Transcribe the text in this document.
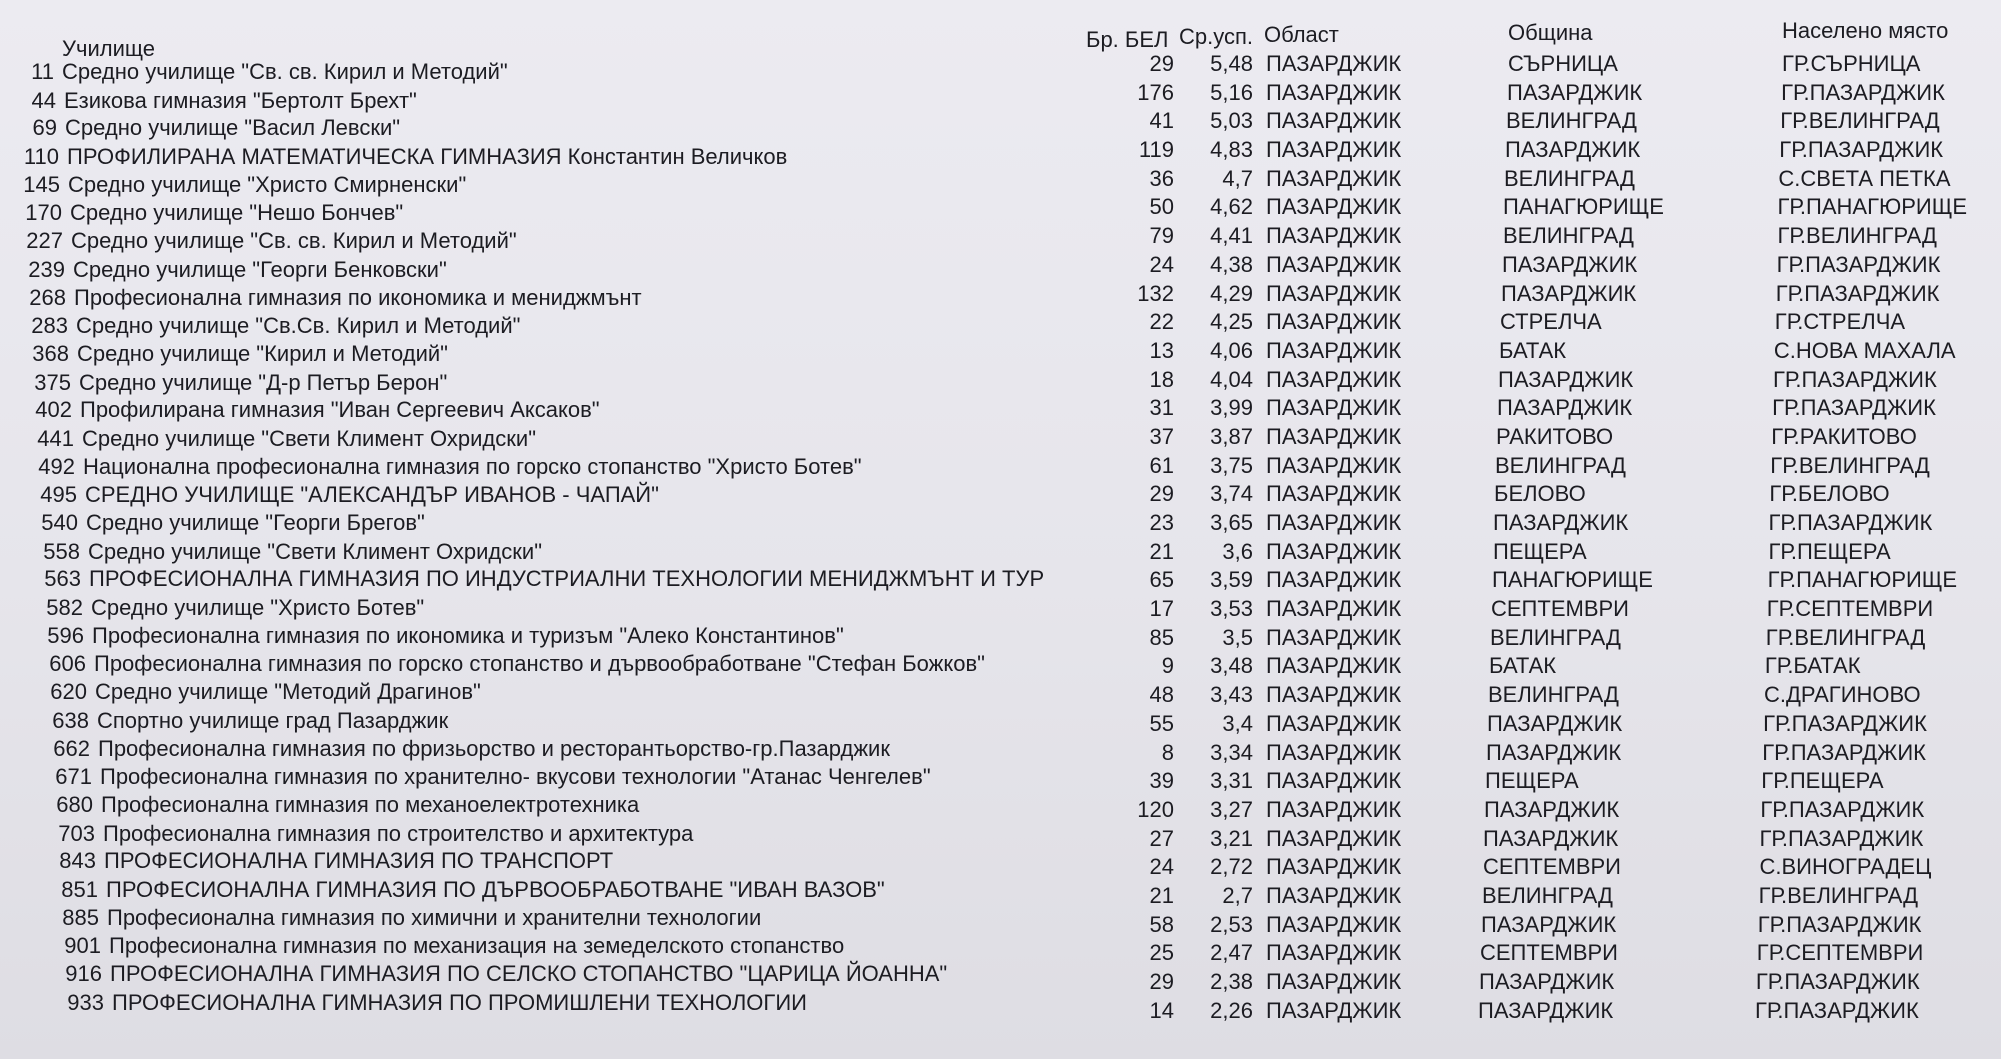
Училище	Бр. БЕЛ Ср.усп. Област	Община	Населено място
11 Средно училище "Св. св. Кирил и Методий"	29	5,48 ПАЗАРДЖИК	СЪРНИЦА	ГР.СЪРНИЦА
44 Езикова гимназия "Бертолт Брехт"	176	5,16 ПАЗАРДЖИК	ПАЗАРДЖИК	ГР.ПАЗАРДЖИК
69 Средно училище "Васил Левски"	41	5,03 ПАЗАРДЖИК	ВЕЛИНГРАД	ГР.ВЕЛИНГРАД
110 ПРОФИЛИРАНА МАТЕМАТИЧЕСКА ГИМНАЗИЯ Константин Величков	119	4,83 ПАЗАРДЖИК	ПАЗАРДЖИК	ГР.ПАЗАРДЖИК
145 Средно училище "Христо Смирненски"	36	4,7 ПАЗАРДЖИК	ВЕЛИНГРАД	С.СВЕТА ПЕТКА
170 Средно училище "Нешо Бончев"	50	4,62 ПАЗАРДЖИК	ПАНАГЮРИЩЕ	ГР.ПАНАГЮРИЩЕ
227 Средно училище "Св. св. Кирил и Методий"	79	4,41 ПАЗАРДЖИК	ВЕЛИНГРАД	ГР.ВЕЛИНГРАД
239 Средно училище "Георги Бенковски"	24	4,38 ПАЗАРДЖИК	ПАЗАРДЖИК	ГР.ПАЗАРДЖИК
268 Професионална гимназия по икономика и мениджмънт	132	4,29 ПАЗАРДЖИК	ПАЗАРДЖИК	ГР.ПАЗАРДЖИК
283 Средно училище "Св.Св. Кирил и Методий"	22	4,25 ПАЗАРДЖИК	СТРЕЛЧА	ГР.СТРЕЛЧА
368 Средно училище "Кирил и Методий"	13	4,06 ПАЗАРДЖИК	БАТАК	С.НОВА МАХАЛА
375 Средно училище "Д-р Петър Берон"	18	4,04 ПАЗАРДЖИК	ПАЗАРДЖИК	ГР.ПАЗАРДЖИК
402 Профилирана гимназия "Иван Сергеевич Аксаков"	31	3,99 ПАЗАРДЖИК	ПАЗАРДЖИК	ГР.ПАЗАРДЖИК
441 Средно училище "Свети Климент Охридски"	37	3,87 ПАЗАРДЖИК	РАКИТОВО	ГР.РАКИТОВО
492 Национална професионална гимназия по горско стопанство "Христо Ботев"	61	3,75 ПАЗАРДЖИК	ВЕЛИНГРАД	ГР.ВЕЛИНГРАД
495 СРЕДНО УЧИЛИЩЕ "АЛЕКСАНДЪР ИВАНОВ - ЧАПАЙ"	29	3,74 ПАЗАРДЖИК	БЕЛОВО	ГР.БЕЛОВО
540 Средно училище "Георги Брегов"	23	3,65 ПАЗАРДЖИК	ПАЗАРДЖИК	ГР.ПАЗАРДЖИК
558 Средно училище "Свети Климент Охридски"	21	3,6 ПАЗАРДЖИК	ПЕЩЕРА	ГР.ПЕЩЕРА
563 ПРОФЕСИОНАЛНА ГИМНАЗИЯ ПО ИНДУСТРИАЛНИ ТЕХНОЛОГИИ МЕНИДЖМЪНТ И ТУР	65	3,59 ПАЗАРДЖИК	ПАНАГЮРИЩЕ	ГР.ПАНАГЮРИЩЕ
582 Средно училище "Христо Ботев"	17	3,53 ПАЗАРДЖИК	СЕПТЕМВРИ	ГР.СЕПТЕМВРИ
596 Професионална гимназия по икономика и туризъм "Алеко Константинов"	85	3,5 ПАЗАРДЖИК	ВЕЛИНГРАД	ГР.ВЕЛИНГРАД
606 Професионална гимназия по горско стопанство и дървообработване "Стефан Божков"	9	3,48 ПАЗАРДЖИК	БАТАК	ГР.БАТАК
620 Средно училище "Методий Драгинов"	48	3,43 ПАЗАРДЖИК	ВЕЛИНГРАД	С.ДРАГИНОВО
638 Спортно училище град Пазарджик	55	3,4 ПАЗАРДЖИК	ПАЗАРДЖИК	ГР.ПАЗАРДЖИК
662 Професионална гимназия по фризьорство и ресторантьорство-гр.Пазарджик	8	3,34 ПАЗАРДЖИК	ПАЗАРДЖИК	ГР.ПАЗАРДЖИК
671 Професионална гимназия по хранително- вкусови технологии "Атанас Ченгелев"	39	3,31 ПАЗАРДЖИК	ПЕЩЕРА	ГР.ПЕЩЕРА
680 Професионална гимназия по механоелектротехника	120	3,27 ПАЗАРДЖИК	ПАЗАРДЖИК	ГР.ПАЗАРДЖИК
703 Професионална гимназия по строителство и архитектура	27	3,21 ПАЗАРДЖИК	ПАЗАРДЖИК	ГР.ПАЗАРДЖИК
843 ПРОФЕСИОНАЛНА ГИМНАЗИЯ ПО ТРАНСПОРТ	24	2,72 ПАЗАРДЖИК	СЕПТЕМВРИ	С.ВИНОГРАДЕЦ
851 ПРОФЕСИОНАЛНА ГИМНАЗИЯ ПО ДЪРВООБРАБОТВАНЕ "ИВАН ВАЗОВ"	21	2,7 ПАЗАРДЖИК	ВЕЛИНГРАД	ГР.ВЕЛИНГРАД
885 Професионална гимназия по химични и хранителни технологии	58	2,53 ПАЗАРДЖИК	ПАЗАРДЖИК	ГР.ПАЗАРДЖИК
901 Професионална гимназия по механизация на земеделското стопанство	25	2,47 ПАЗАРДЖИК	СЕПТЕМВРИ	ГР.СЕПТЕМВРИ
916 ПРОФЕСИОНАЛНА ГИМНАЗИЯ ПО СЕЛСКО СТОПАНСТВО "ЦАРИЦА ЙОАННА"	29	2,38 ПАЗАРДЖИК	ПАЗАРДЖИК	ГР.ПАЗАРДЖИК
933 ПРОФЕСИОНАЛНА ГИМНАЗИЯ ПО ПРОМИШЛЕНИ ТЕХНОЛОГИИ	14	2,26 ПАЗАРДЖИК	ПАЗАРДЖИК	ГР.ПАЗАРДЖИК
